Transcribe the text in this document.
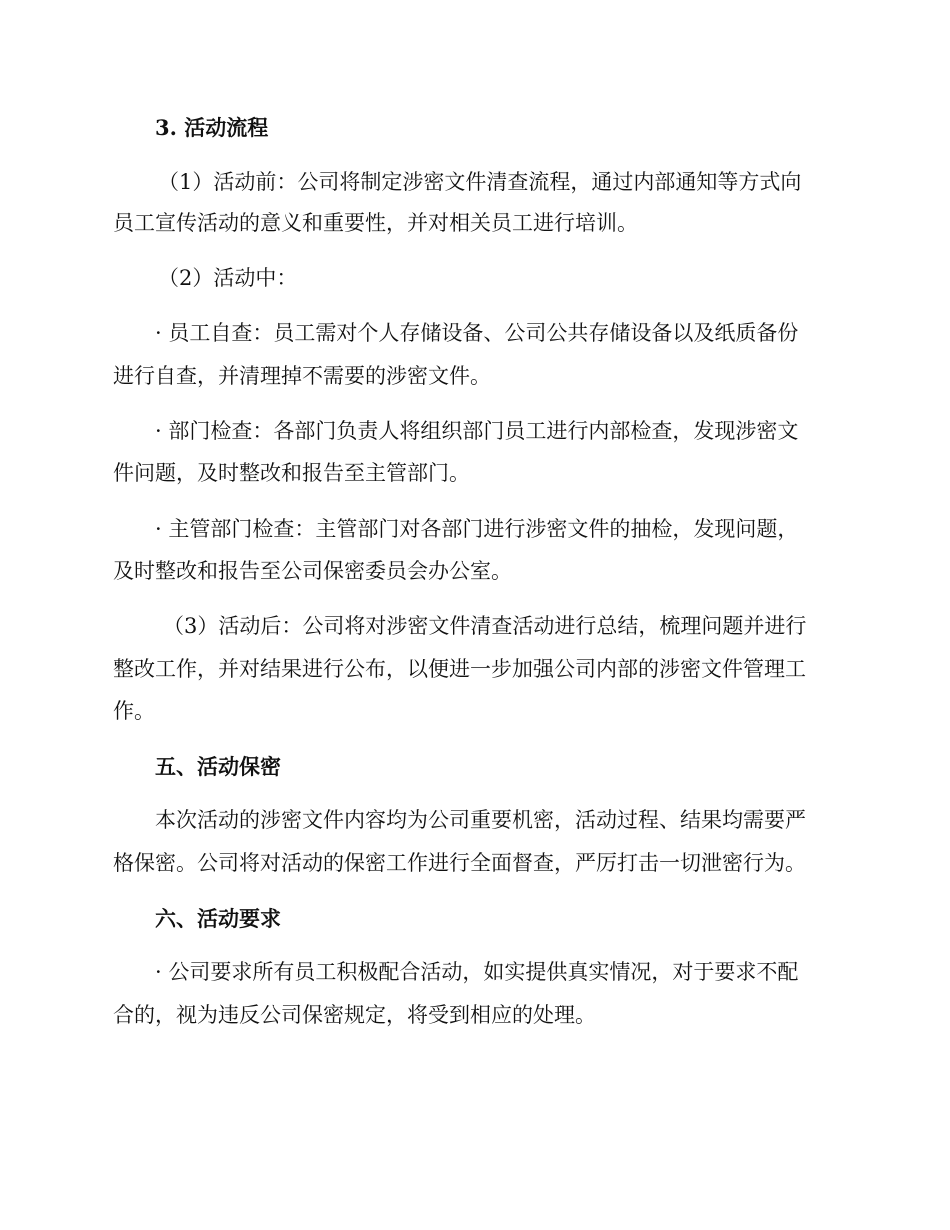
3. 活动流程
（1）活动前：公司将制定涉密文件清查流程，通过内部通知等方式向
员工宣传活动的意义和重要性，并对相关员工进行培训。
（2）活动中：
· 员工自查：员工需对个人存储设备、公司公共存储设备以及纸质备份
进行自查，并清理掉不需要的涉密文件。
· 部门检查：各部门负责人将组织部门员工进行内部检查，发现涉密文
件问题，及时整改和报告至主管部门。
· 主管部门检查：主管部门对各部门进行涉密文件的抽检，发现问题，
及时整改和报告至公司保密委员会办公室。
（3）活动后：公司将对涉密文件清查活动进行总结，梳理问题并进行
整改工作，并对结果进行公布，以便进一步加强公司内部的涉密文件管理工
作。
五、活动保密
本次活动的涉密文件内容均为公司重要机密，活动过程、结果均需要严
格保密。公司将对活动的保密工作进行全面督查，严厉打击一切泄密行为。
六、活动要求
· 公司要求所有员工积极配合活动，如实提供真实情况，对于要求不配
合的，视为违反公司保密规定，将受到相应的处理。
